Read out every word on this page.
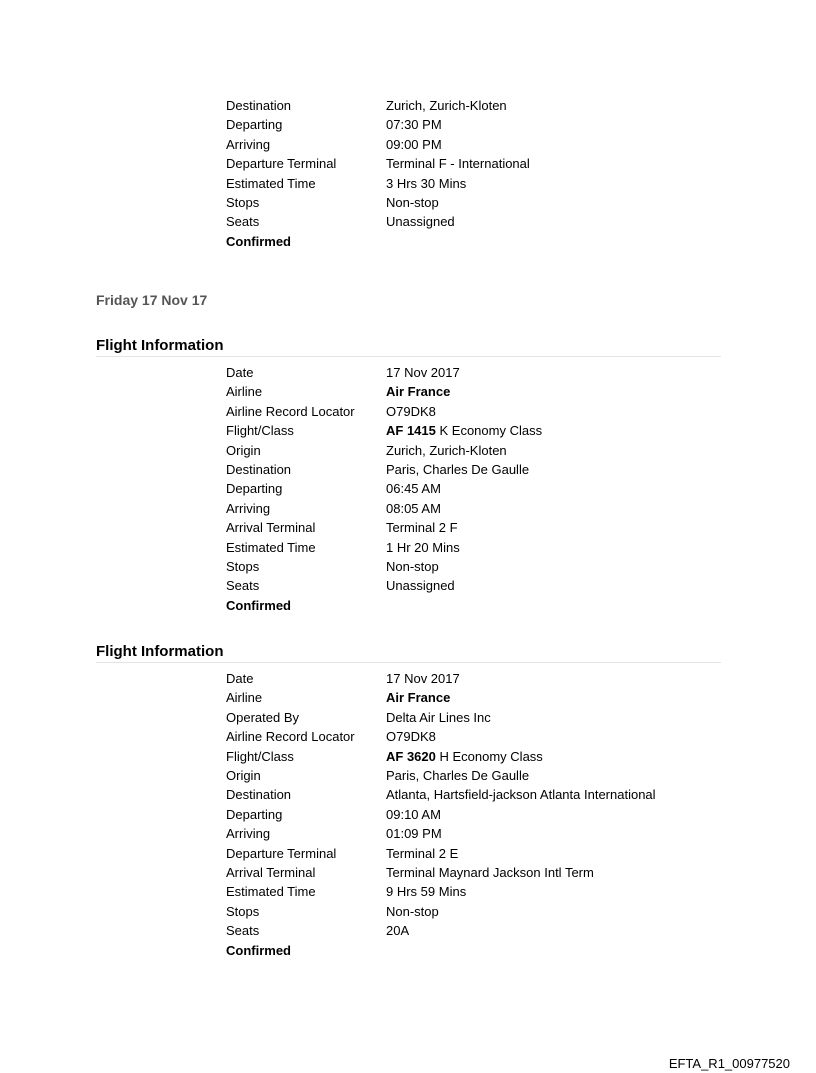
Destination	Zurich, Zurich-Kloten
Departing	07:30 PM
Arriving	09:00 PM
Departure Terminal	Terminal F - International
Estimated Time	3 Hrs 30 Mins
Stops	Non-stop
Seats	Unassigned
Confirmed
Friday 17 Nov 17
Flight Information
Date	17 Nov 2017
Airline	Air France
Airline Record Locator	O79DK8
Flight/Class	AF 1415 K Economy Class
Origin	Zurich, Zurich-Kloten
Destination	Paris, Charles De Gaulle
Departing	06:45 AM
Arriving	08:05 AM
Arrival Terminal	Terminal 2 F
Estimated Time	1 Hr 20 Mins
Stops	Non-stop
Seats	Unassigned
Confirmed
Flight Information
Date	17 Nov 2017
Airline	Air France
Operated By	Delta Air Lines Inc
Airline Record Locator	O79DK8
Flight/Class	AF 3620 H Economy Class
Origin	Paris, Charles De Gaulle
Destination	Atlanta, Hartsfield-jackson Atlanta International
Departing	09:10 AM
Arriving	01:09 PM
Departure Terminal	Terminal 2 E
Arrival Terminal	Terminal Maynard Jackson Intl Term
Estimated Time	9 Hrs 59 Mins
Stops	Non-stop
Seats	20A
Confirmed
EFTA_R1_00977520
